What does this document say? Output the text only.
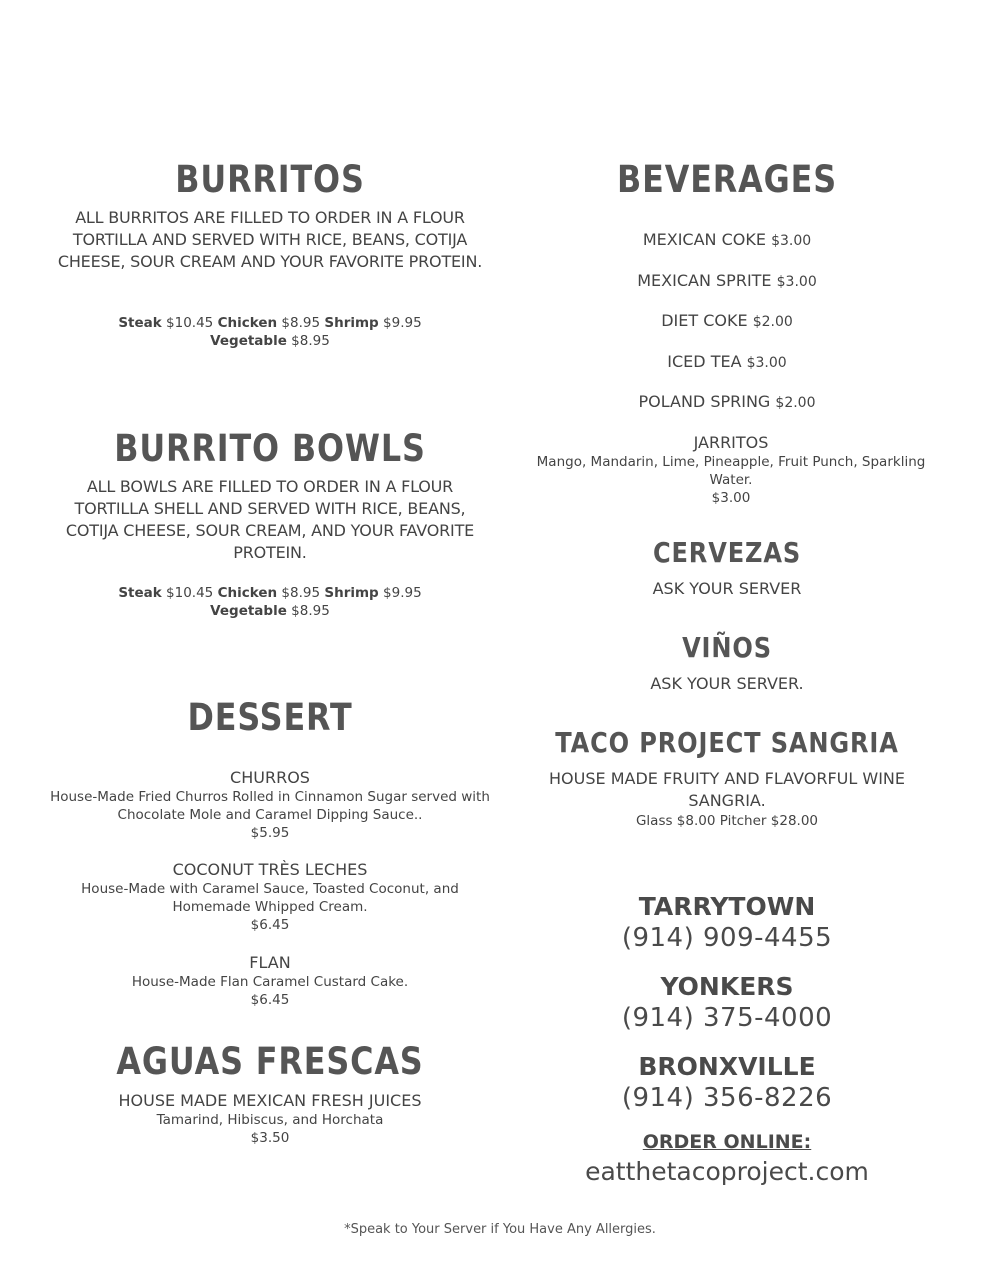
BURRITOS

ALL BURRITOS ARE FILLED TO ORDER IN A FLOUR TORTILLA AND SERVED WITH RICE, BEANS, COTIJA CHEESE, SOUR CREAM AND YOUR FAVORITE PROTEIN.

Steak $10.45 Chicken $8.95 Shrimp $9.95
Vegetable $8.95

BURRITO BOWLS

ALL BOWLS ARE FILLED TO ORDER IN A FLOUR TORTILLA SHELL AND SERVED WITH RICE, BEANS, COTIJA CHEESE, SOUR CREAM, AND YOUR FAVORITE PROTEIN.

Steak $10.45 Chicken $8.95 Shrimp $9.95
Vegetable $8.95

DESSERT
CHURROS
House-Made Fried Churros Rolled in Cinnamon Sugar served with Chocolate Mole and Caramel Dipping Sauce..
$5.95
COCONUT TRÈS LECHES
House-Made with Caramel Sauce, Toasted Coconut, and Homemade Whipped Cream.
$6.45
FLAN
House-Made Flan Caramel Custard Cake.
$6.45
AGUAS FRESCAS
HOUSE MADE MEXICAN FRESH JUICES
Tamarind, Hibiscus, and Horchata
$3.50
BEVERAGES

MEXICAN COKE $3.00

MEXICAN SPRITE $3.00

DIET COKE $2.00

ICED TEA $3.00

POLAND SPRING $2.00

JARRITOS
Mango, Mandarin, Lime, Pineapple, Fruit Punch, Sparkling Water.
$3.00
CERVEZAS

ASK YOUR SERVER

VIÑOS

ASK YOUR SERVER.

TACO PROJECT SANGRIA
HOUSE MADE FRUITY AND FLAVORFUL WINE SANGRIA.
Glass $8.00 Pitcher $28.00

TARRYTOWN

(914) 909-4455

YONKERS

(914) 375-4000

BRONXVILLE

(914) 356-8226

ORDER ONLINE:

eatthetacoproject.com

*Speak to Your Server if You Have Any Allergies.
